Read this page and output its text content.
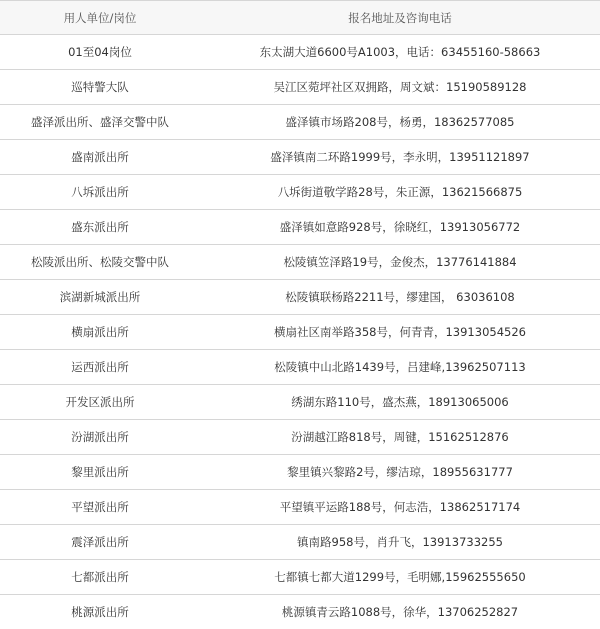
用人单位/岗位	报名地址及咨询电话
01至04岗位	东太湖大道6600号A1003，电话：63455160-58663
巡特警大队	吴江区菀坪社区双拥路，周文斌：15190589128
盛泽派出所、盛泽交警中队	盛泽镇市场路208号，杨勇，18362577085
盛南派出所	盛泽镇南二环路1999号，李永明，13951121897
八坼派出所	八坼街道敬学路28号，朱正源，13621566875
盛东派出所	盛泽镇如意路928号，徐晓红，13913056772
松陵派出所、松陵交警中队	松陵镇笠泽路19号，金俊杰，13776141884
滨湖新城派出所	松陵镇联杨路2211号，缪建国， 63036108
横扇派出所	横扇社区南举路358号，何青青，13913054526
运西派出所	松陵镇中山北路1439号，吕建峰,13962507113
开发区派出所	绣湖东路110号，盛杰燕，18913065006
汾湖派出所	汾湖越江路818号，周键，15162512876
黎里派出所	黎里镇兴黎路2号，缪洁琼，18955631777
平望派出所	平望镇平运路188号，何志浩，13862517174
震泽派出所	镇南路958号，肖升飞，13913733255
七都派出所	七都镇七都大道1299号，毛明娜,15962555650
桃源派出所	桃源镇青云路1088号，徐华，13706252827
